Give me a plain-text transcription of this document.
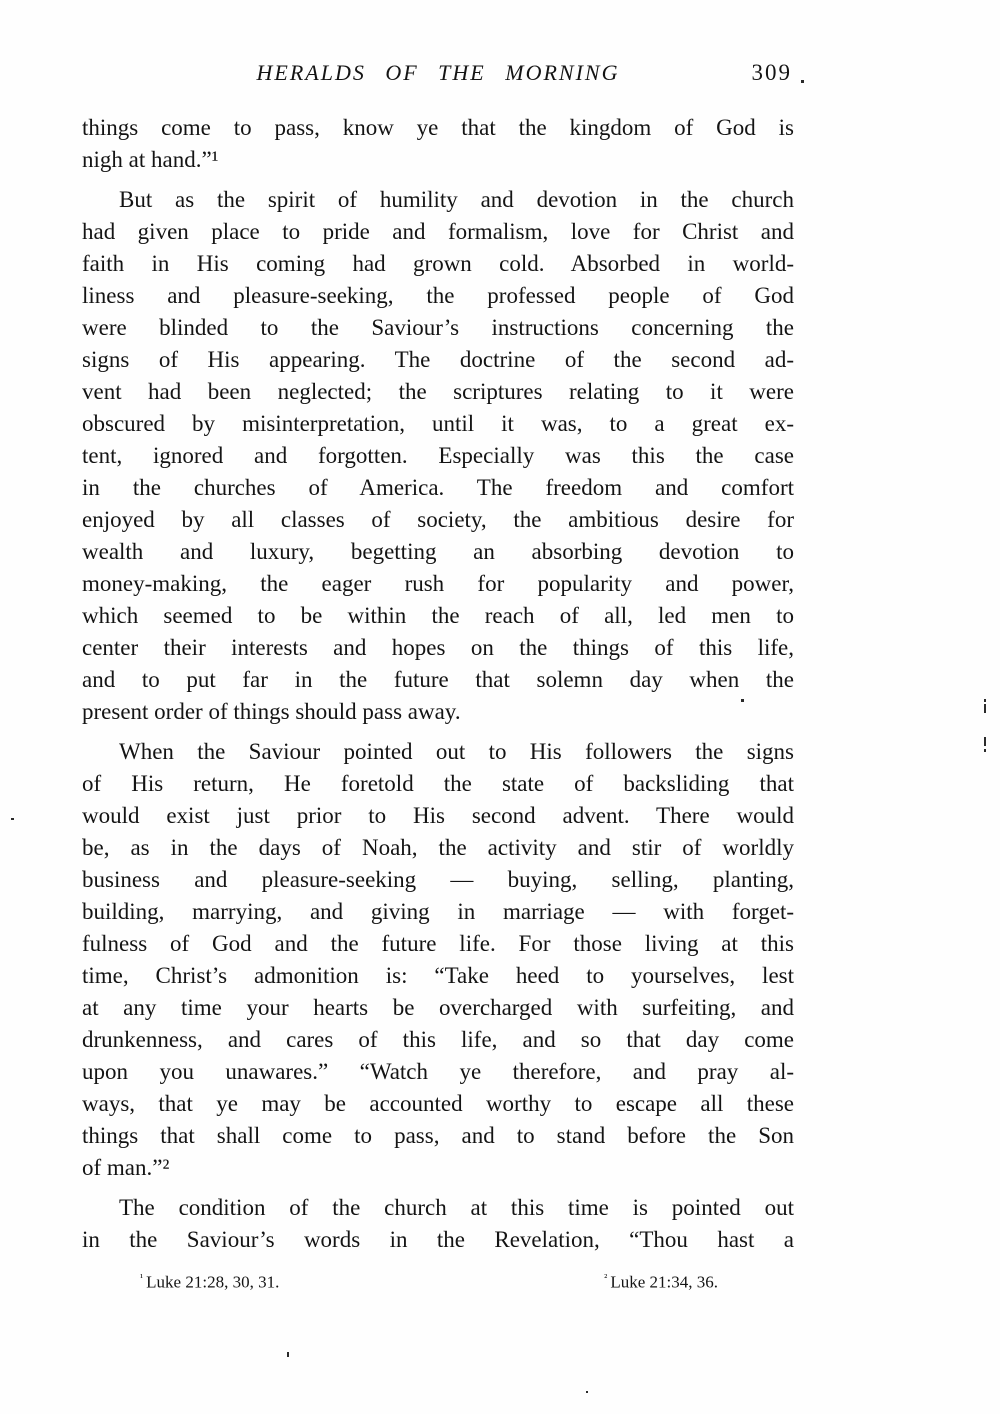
HERALDS OF THE MORNING	309
things come to pass, know ye that the kingdom of God is
nigh at hand.”¹
But as the spirit of humility and devotion in the church
had given place to pride and formalism, love for Christ and
faith in His coming had grown cold. Absorbed in world-
liness and pleasure-seeking, the professed people of God
were blinded to the Saviour’s instructions concerning the
signs of His appearing. The doctrine of the second ad-
vent had been neglected; the scriptures relating to it were
obscured by misinterpretation, until it was, to a great ex-
tent, ignored and forgotten. Especially was this the case
in the churches of America. The freedom and comfort
enjoyed by all classes of society, the ambitious desire for
wealth and luxury, begetting an absorbing devotion to
money-making, the eager rush for popularity and power,
which seemed to be within the reach of all, led men to
center their interests and hopes on the things of this life,
and to put far in the future that solemn day when the
present order of things should pass away.
When the Saviour pointed out to His followers the signs
of His return, He foretold the state of backsliding that
would exist just prior to His second advent. There would
be, as in the days of Noah, the activity and stir of worldly
business and pleasure-seeking — buying, selling, planting,
building, marrying, and giving in marriage — with forget-
fulness of God and the future life. For those living at this
time, Christ’s admonition is: “Take heed to yourselves, lest
at any time your hearts be overcharged with surfeiting, and
drunkenness, and cares of this life, and so that day come
upon you unawares.” “Watch ye therefore, and pray al-
ways, that ye may be accounted worthy to escape all these
things that shall come to pass, and to stand before the Son
of man.”²
The condition of the church at this time is pointed out
in the Saviour’s words in the Revelation, “Thou hast a
$^{^1}$ Luke 21:28, 30, 31.	$^{^2}$ Luke 21:34, 36.
